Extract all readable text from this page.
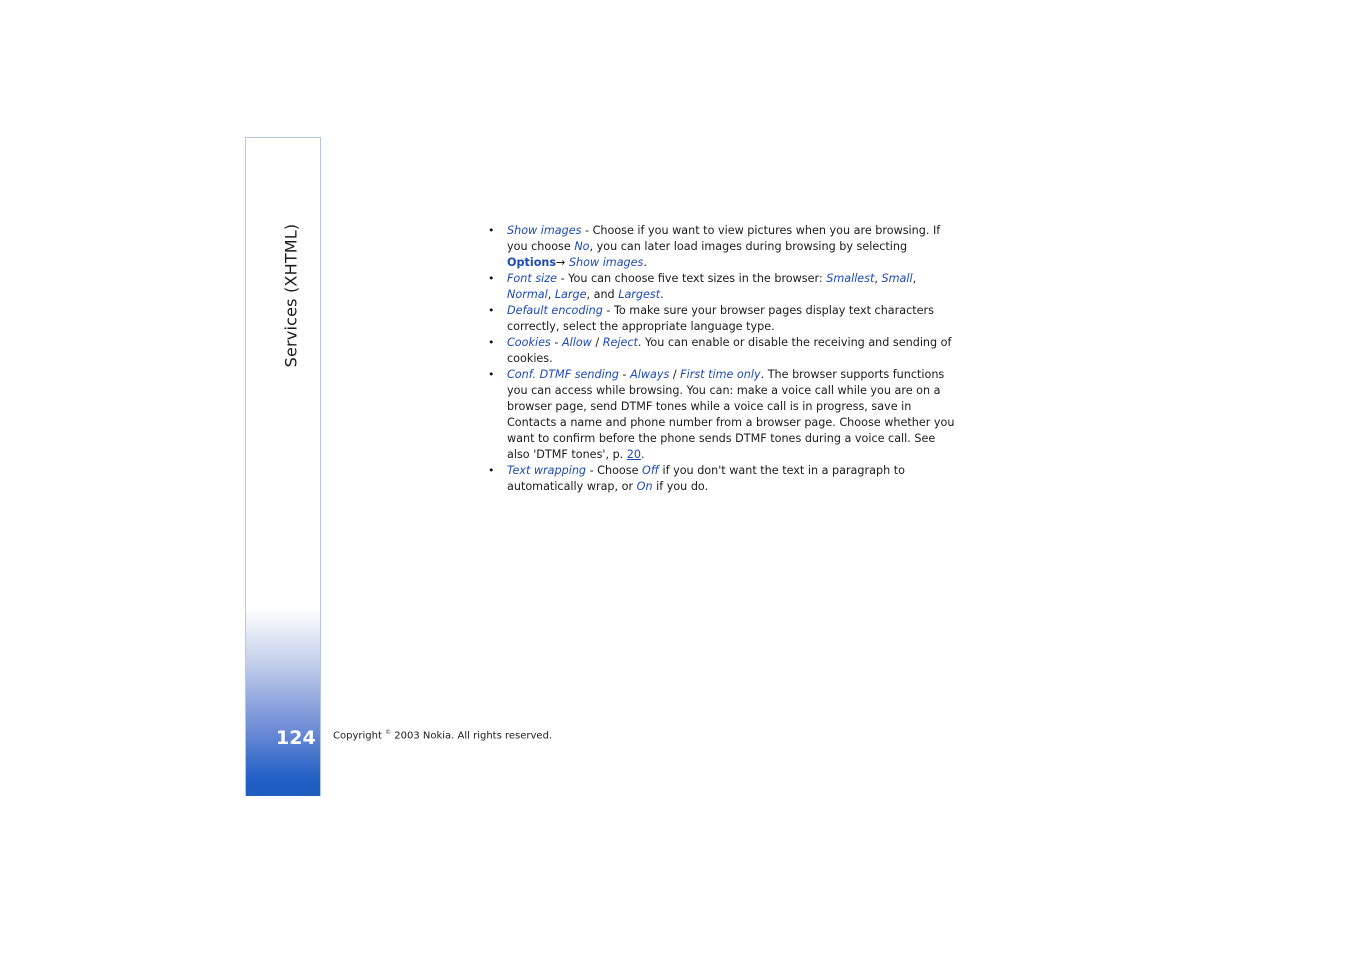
Services (XHTML)
124 Copyright © 2003 Nokia. All rights reserved.
• Show images - Choose if you want to view pictures when you are browsing. If you choose No, you can later load images during browsing by selecting Options→ Show images.
• Font size - You can choose five text sizes in the browser: Smallest, Small, Normal, Large, and Largest.
• Default encoding - To make sure your browser pages display text characters correctly, select the appropriate language type.
• Cookies - Allow / Reject. You can enable or disable the receiving and sending of cookies.
• Conf. DTMF sending - Always / First time only. The browser supports functions you can access while browsing. You can: make a voice call while you are on a browser page, send DTMF tones while a voice call is in progress, save in Contacts a name and phone number from a browser page. Choose whether you want to confirm before the phone sends DTMF tones during a voice call. See also 'DTMF tones', p. 20.
• Text wrapping - Choose Off if you don't want the text in a paragraph to automatically wrap, or On if you do.
